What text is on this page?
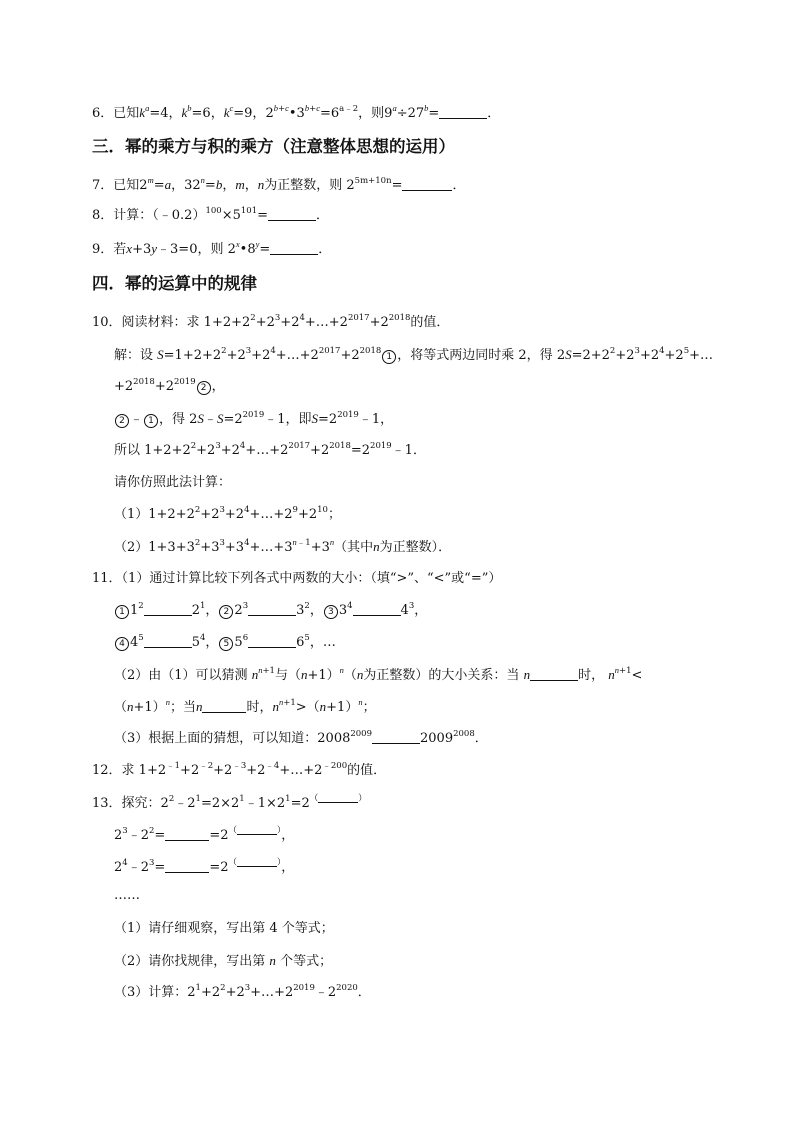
6．已知$k^a=4$，$k^b=6$，$k^c=9$，$2^{b+c}•3^{b+c}=6^{a﹣2}$，则$9^a\div 27^b=$	．
三．幂的乘方与积的乘方（注意整体思想的运用）
7．已知$2^m=a$，$32^n=b$，m，n为正整数，则 $2^{5m+10n}=$	．
8．计算：$(﹣0.2)^{100}\times 5^{101}=$	．
9．若x+3y﹣3=0，则 $2^x•8^y=$	．
四．幂的运算中的规律
10．阅读材料：求 $1+2+2^2+2^3+2^4+\dots+2^{2017}+2^{2018}$的值．
解：设 $S=1+2+2^2+2^3+2^4+\dots+2^{2017}+2^{2018}1$ ，将等式两边同时乘 2，得 $2S=2+2^2+2^3+2^4+2^5+\dots$
$+2^{2018}+2^{2019}2$ ，
2 ﹣ 1 ，得 $2S﹣S=2^{2019}﹣1$，即$S=2^{2019}﹣1$，
所以 $1+2+2^2+2^3+2^4+\dots+2^{2017}+2^{2018}=2^{2019}﹣1$．
请你仿照此法计算：
$(1)1+2+2^2+2^3+2^4+\dots+2^9+2^{10}$；
$(2)1+3+3^2+3^3+3^4+\dots+3^{n﹣1}+3^n$（其中n为正整数）．
11．（1）通过计算比较下列各式中两数的大小：（填“>”、“<”或“=”）
1 $1^2$	$2^1$， 2 $2^3$	$3^2$， 3 $3^4$	$4^3$，
4 $4^5$	$5^4$， 5 $5^6$	$6^5$，…
（2）由（1）可以猜测 $n^{n+1}$与$(n+1)^n(n$为正整数）的大小关系：当 n	时， $n^{n+1}<$
$(n+1)^n$；当n	时，$n^{n+1}>(n+1)^n$；
（3）根据上面的猜想，可以知道：$2008^{2009}$	$2009^{2008}$．
12．求 $1+2^{﹣1}+2^{﹣2}+2^{﹣3}+2^{﹣4}+\dots+2^{﹣200}$的值．
13．探究：$2^2﹣2^1=2\times 2^1﹣1\times 2^1=2^{( )}$
$2^3﹣2^2=$	=2（	），
$2^4﹣2^3=$	=2（	），
……
（1）请仔细观察，写出第 4 个等式；
（2）请你找规律，写出第 n 个等式；
（3）计算：$2^1+2^2+2^3+\dots+2^{2019}﹣2^{2020}$．
